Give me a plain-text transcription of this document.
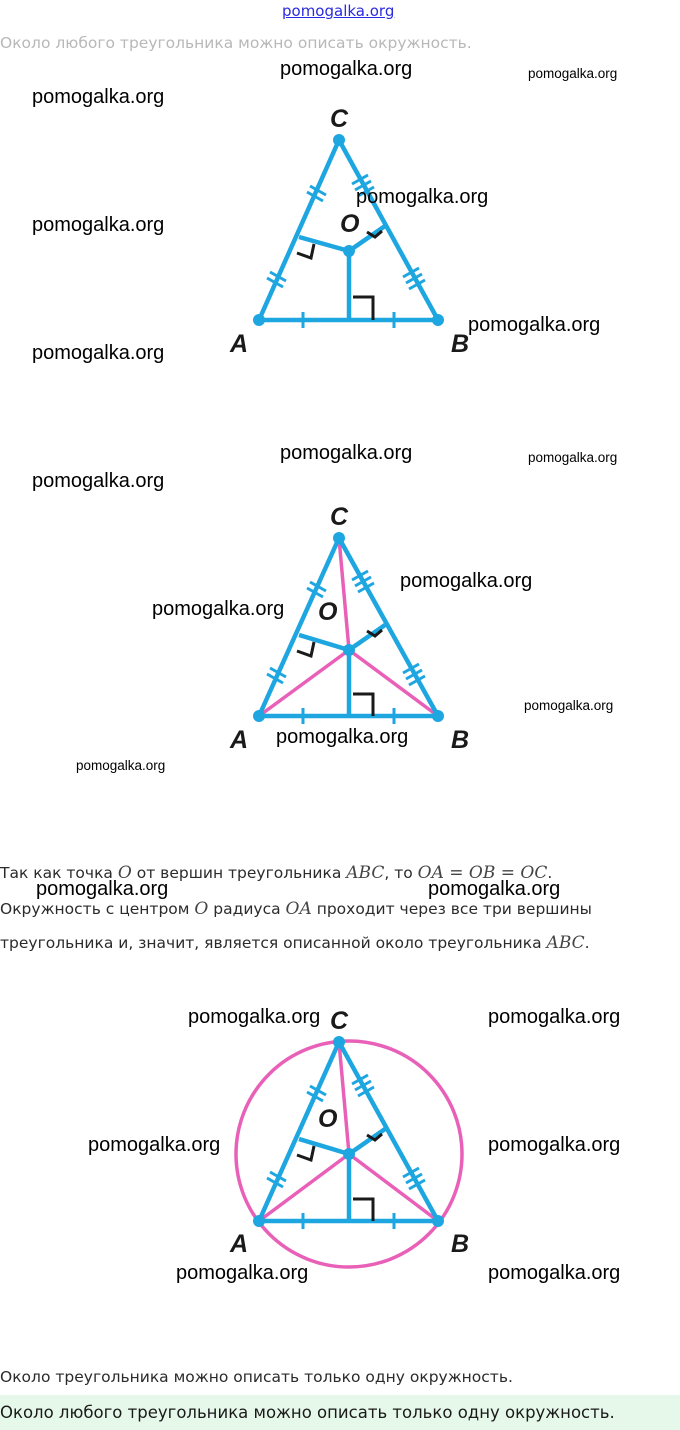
pomogalka.org
Около любого треугольника можно описать окружность.
A	B
C
O
A	B
C
O
Так как точка O от вершин треугольника ABC, то OA = OB = OC.
Окружность с центром O радиуса OA проходит через все три вершины
треугольника и, значит, является описанной около треугольника ABC.
A	B
C
O
Около треугольника можно описать только одну окружность.
Около любого треугольника можно описать только одну окружность.
pomogalka.org	pomogalka.org
pomogalka.org
pomogalka.org
pomogalka.org
pomogalka.org
pomogalka.org
pomogalka.org	pomogalka.org
pomogalka.org
pomogalka.org
pomogalka.org
pomogalka.org
pomogalka.org
pomogalka.org
pomogalka.org	pomogalka.org
pomogalka.org	pomogalka.org
pomogalka.org	pomogalka.org
pomogalka.org	pomogalka.org
